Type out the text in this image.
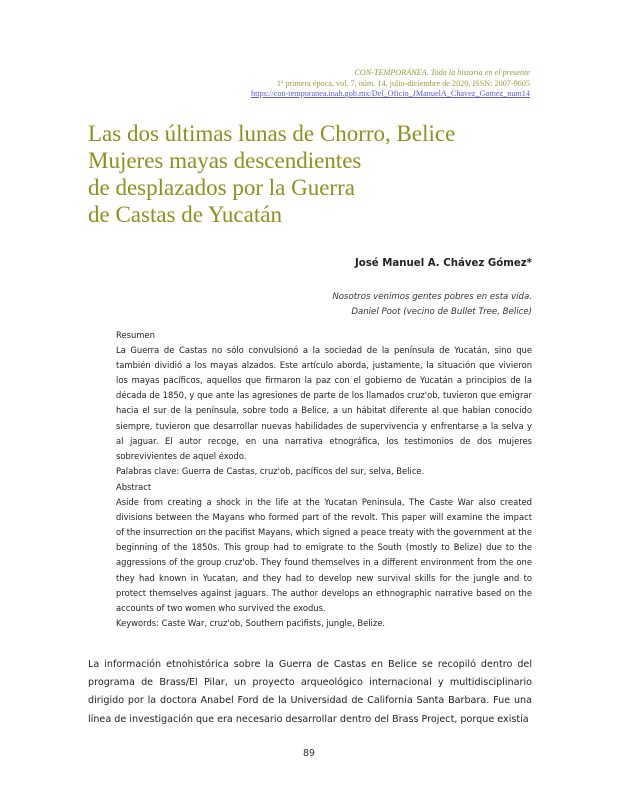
CON-TEMPORÁNEA. Toda la historia en el presente
1ª primera época, vol. 7, núm. 14, julio-diciembre de 2020, ISSN: 2007-9605
https://con-temporanea.inah.gob.mx/Del_Oficio_JManuelA_Chavez_Gomez_num14
Las dos últimas lunas de Chorro, Belice
Mujeres mayas descendientes
de desplazados por la Guerra
de Castas de Yucatán
José Manuel A. Chávez Gómez*
Nosotros venimos gentes pobres en esta vida.
Daniel Poot (vecino de Bullet Tree, Belice)

Resumen

La Guerra de Castas no sólo convulsionó a la sociedad de la península de Yucatán, sino que también dividió a los mayas alzados. Este artículo aborda, justamente, la situación que vivieron los mayas pacíficos, aquellos que firmaron la paz con el gobierno de Yucatán a principios de la década de 1850, y que ante las agresiones de parte de los llamados cruz'ob, tuvieron que emigrar hacia el sur de la península, sobre todo a Belice, a un hábitat diferente al que habían conocido siempre, tuvieron que desarrollar nuevas habilidades de supervivencia y enfrentarse a la selva y al jaguar. El autor recoge, en una narrativa etnográfica, los testimonios de dos mujeres sobrevivientes de aquel éxodo.

Palabras clave: Guerra de Castas, cruz'ob, pacíficos del sur, selva, Belice.

Abstract

Aside from creating a shock in the life at the Yucatan Peninsula, The Caste War also created divisions between the Mayans who formed part of the revolt. This paper will examine the impact of the insurrection on the pacifist Mayans, which signed a peace treaty with the government at the beginning of the 1850s. This group had to emigrate to the South (mostly to Belize) due to the aggressions of the group cruz'ob. They found themselves in a different environment from the one they had known in Yucatan, and they had to develop new survival skills for the jungle and to protect themselves against jaguars. The author develops an ethnographic narrative based on the accounts of two women who survived the exodus.

Keywords: Caste War, cruz'ob, Southern pacifists, jungle, Belize.

La información etnohistórica sobre la Guerra de Castas en Belice se recopiló dentro del programa de Brass/El Pilar, un proyecto arqueológico internacional y multidisciplinario dirigido por la doctora Anabel Ford de la Universidad de California Santa Barbara. Fue una línea de investigación que era necesario desarrollar dentro del Brass Project, porque existía

89
